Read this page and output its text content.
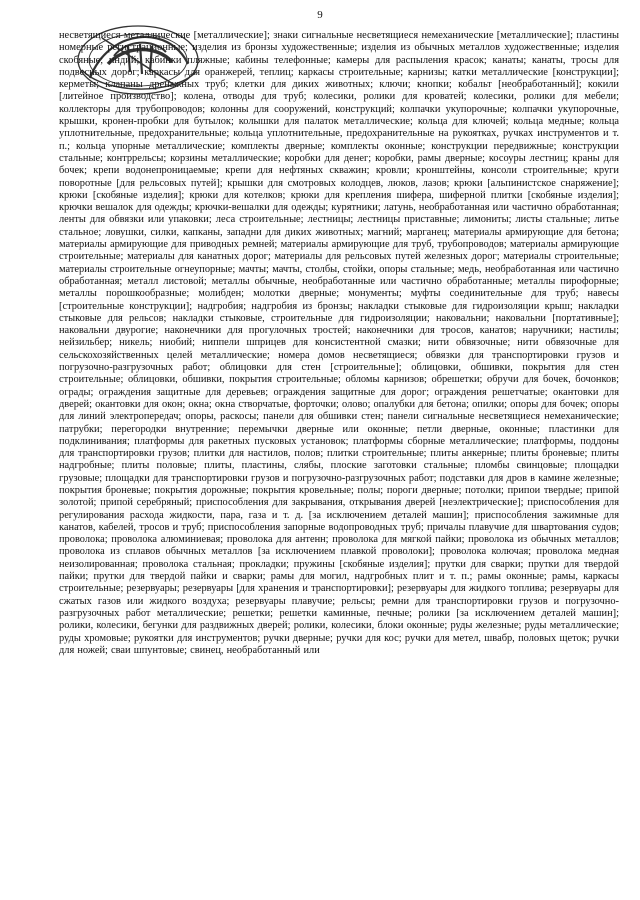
9

несветящиеся металлические [металлические]; знаки сигнальные несветящиеся немеханические [металлические]; пластины номерные регистрационные; изделия из бронзы художественные; изделия из обычных металлов художественные; изделия скобяные; индий; кабинки пляжные; кабины телефонные; камеры для распыления красок; канаты; канаты, тросы для подвесных дорог; каркасы для оранжерей, теплиц; каркасы строительные; карнизы; катки металлические [конструкции]; керметы; клапаны дренажных труб; клетки для диких животных; ключи; кнопки; кобальт [необработанный]; кокили [литейное производство]; колена, отводы для труб; колесики, ролики для кроватей; колесики, ролики для мебели; коллекторы для трубопроводов; колонны для сооружений, конструкций; колпачки укупорочные; колпачки укупорочные, крышки, кронен-пробки для бутылок; колышки для палаток металлические; кольца для ключей; кольца медные; кольца уплотнительные, предохранительные; кольца уплотнительные, предохранительные на рукоятках, ручках инструментов и т. п.; кольца упорные металлические; комплекты дверные; комплекты оконные; конструкции передвижные; конструкции стальные; контррельсы; корзины металлические; коробки для денег; коробки, рамы дверные; косоуры лестниц; краны для бочек; крепи водонепроницаемые; крепи для нефтяных скважин; кровли; кронштейны, консоли строительные; круги поворотные [для рельсовых путей]; крышки для смотровых колодцев, люков, лазов; крюки [альпинистское снаряжение]; крюки [скобяные изделия]; крюки для котелков; крюки для крепления шифера, шиферной плитки [скобяные изделия]; крючки вешалок для одежды; крючки-вешалки для одежды; курятники; латунь, необработанная или частично обработанная; ленты для обвязки или упаковки; леса строительные; лестницы; лестницы приставные; лимониты; листы стальные; литье стальное; ловушки, силки, капканы, западни для диких животных; магний; марганец; материалы армирующие для бетона; материалы армирующие для приводных ремней; материалы армирующие для труб, трубопроводов; материалы армирующие строительные; материалы для канатных дорог; материалы для рельсовых путей железных дорог; материалы строительные; материалы строительные огнеупорные; мачты; мачты, столбы, стойки, опоры стальные; медь, необработанная или частично обработанная; металл листовой; металлы обычные, необработанные или частично обработанные; металлы пирофорные; металлы порошкообразные; молибден; молотки дверные; монументы; муфты соединительные для труб; навесы [строительные конструкции]; надгробия; надгробия из бронзы; накладки стыковые для гидроизоляции крыш; накладки стыковые для рельсов; накладки стыковые, строительные для гидроизоляции; наковальни; наковальни [портативные]; наковальни двурогие; наконечники для прогулочных тростей; наконечники для тросов, канатов; наручники; настилы; нейзильбер; никель; ниобий; ниппели шприцев для консистентной смазки; нити обвязочные; нити обвязочные для сельскохозяйственных целей металлические; номера домов несветящиеся; обвязки для транспортировки грузов и погрузочно-разгрузочных работ; облицовки для стен [строительные]; облицовки, обшивки, покрытия для стен строительные; облицовки, обшивки, покрытия строительные; обломы карнизов; обрешетки; обручи для бочек, бочонков; ограды; ограждения защитные для деревьев; ограждения защитные для дорог; ограждения решетчатые; окантовки для дверей; окантовки для окон; окна; окна створчатые, форточки; олово; опалубки для бетона; опилки; опоры для бочек; опоры для линий электропередач; опоры, раскосы; панели для обшивки стен; панели сигнальные несветящиеся немеханические; патрубки; перегородки внутренние; перемычки дверные или оконные; петли дверные, оконные; пластинки для подклинивания; платформы для ракетных пусковых установок; платформы сборные металлические; платформы, поддоны для транспортировки грузов; плитки для настилов, полов; плитки строительные; плиты анкерные; плиты броневые; плиты надгробные; плиты половые; плиты, пластины, слябы, плоские заготовки стальные; пломбы свинцовые; площадки грузовые; площадки для транспортировки грузов и погрузочно-разгрузочных работ; подставки для дров в камине железные; покрытия броневые; покрытия дорожные; покрытия кровельные; полы; пороги дверные; потолки; припои твердые; припой золотой; припой серебряный; приспособления для закрывания, открывания дверей [неэлектрические]; приспособления для регулирования расхода жидкости, пара, газа и т. д. [за исключением деталей машин]; приспособления зажимные для канатов, кабелей, тросов и труб; приспособления запорные водопроводных труб; причалы плавучие для швартования судов; проволока; проволока алюминиевая; проволока для антенн; проволока для мягкой пайки; проволока из обычных металлов; проволока из сплавов обычных металлов [за исключением плавкой проволоки]; проволока колючая; проволока медная неизолированная; проволока стальная; прокладки; пружины [скобяные изделия]; прутки для сварки; прутки для твердой пайки; прутки для твердой пайки и сварки; рамы для могил, надгробных плит и т. п.; рамы оконные; рамы, каркасы строительные; резервуары; резервуары [для хранения и транспортировки]; резервуары для жидкого топлива; резервуары для сжатых газов или жидкого воздуха; резервуары плавучие; рельсы; ремни для транспортировки грузов и погрузочно-разгрузочных работ металлические; решетки; решетки каминные, печные; ролики [за исключением деталей машин]; ролики, колесики, бегунки для раздвижных дверей; ролики, колесики, блоки оконные; руды железные; руды металлические; руды хромовые; рукоятки для инструментов; ручки дверные; ручки для кос; ручки для метел, швабр, половых щеток; ручки для ножей; сваи шпунтовые; свинец, необработанный или
